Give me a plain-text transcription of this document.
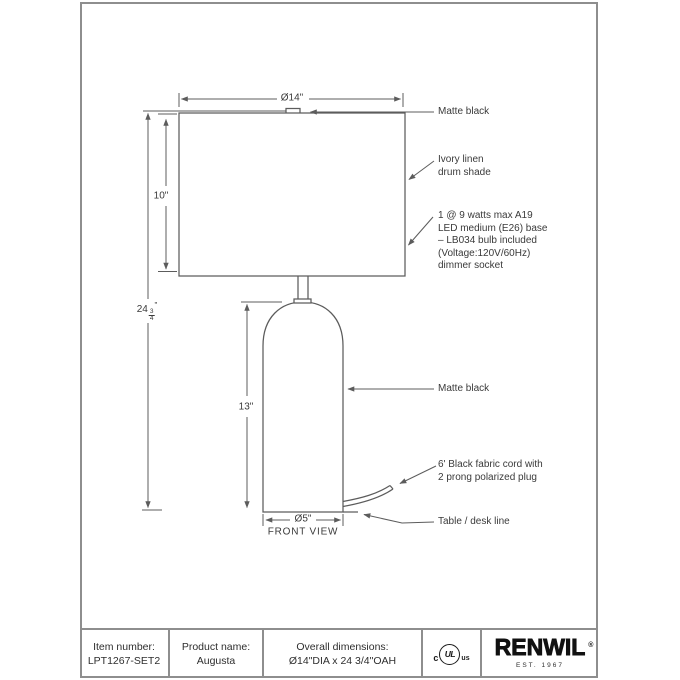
Ø14"
10"
$24 \frac{3}{4}$
"
13"
Ø5"
FRONT VIEW
Matte black
Ivory linen
drum shade
1 @ 9 watts max A19
LED medium (E26) base
– LB034 bulb included
(Voltage:120V/60Hz)
dimmer socket
Matte black
6' Black fabric cord with
2 prong polarized plug
Table / desk line
Item number:
LPT1267-SET2
Product name:
Augusta
Overall dimensions:
Ø14"DIA x 24 3/4"OAH	c UL us RENWIL ®
EST. 1967
